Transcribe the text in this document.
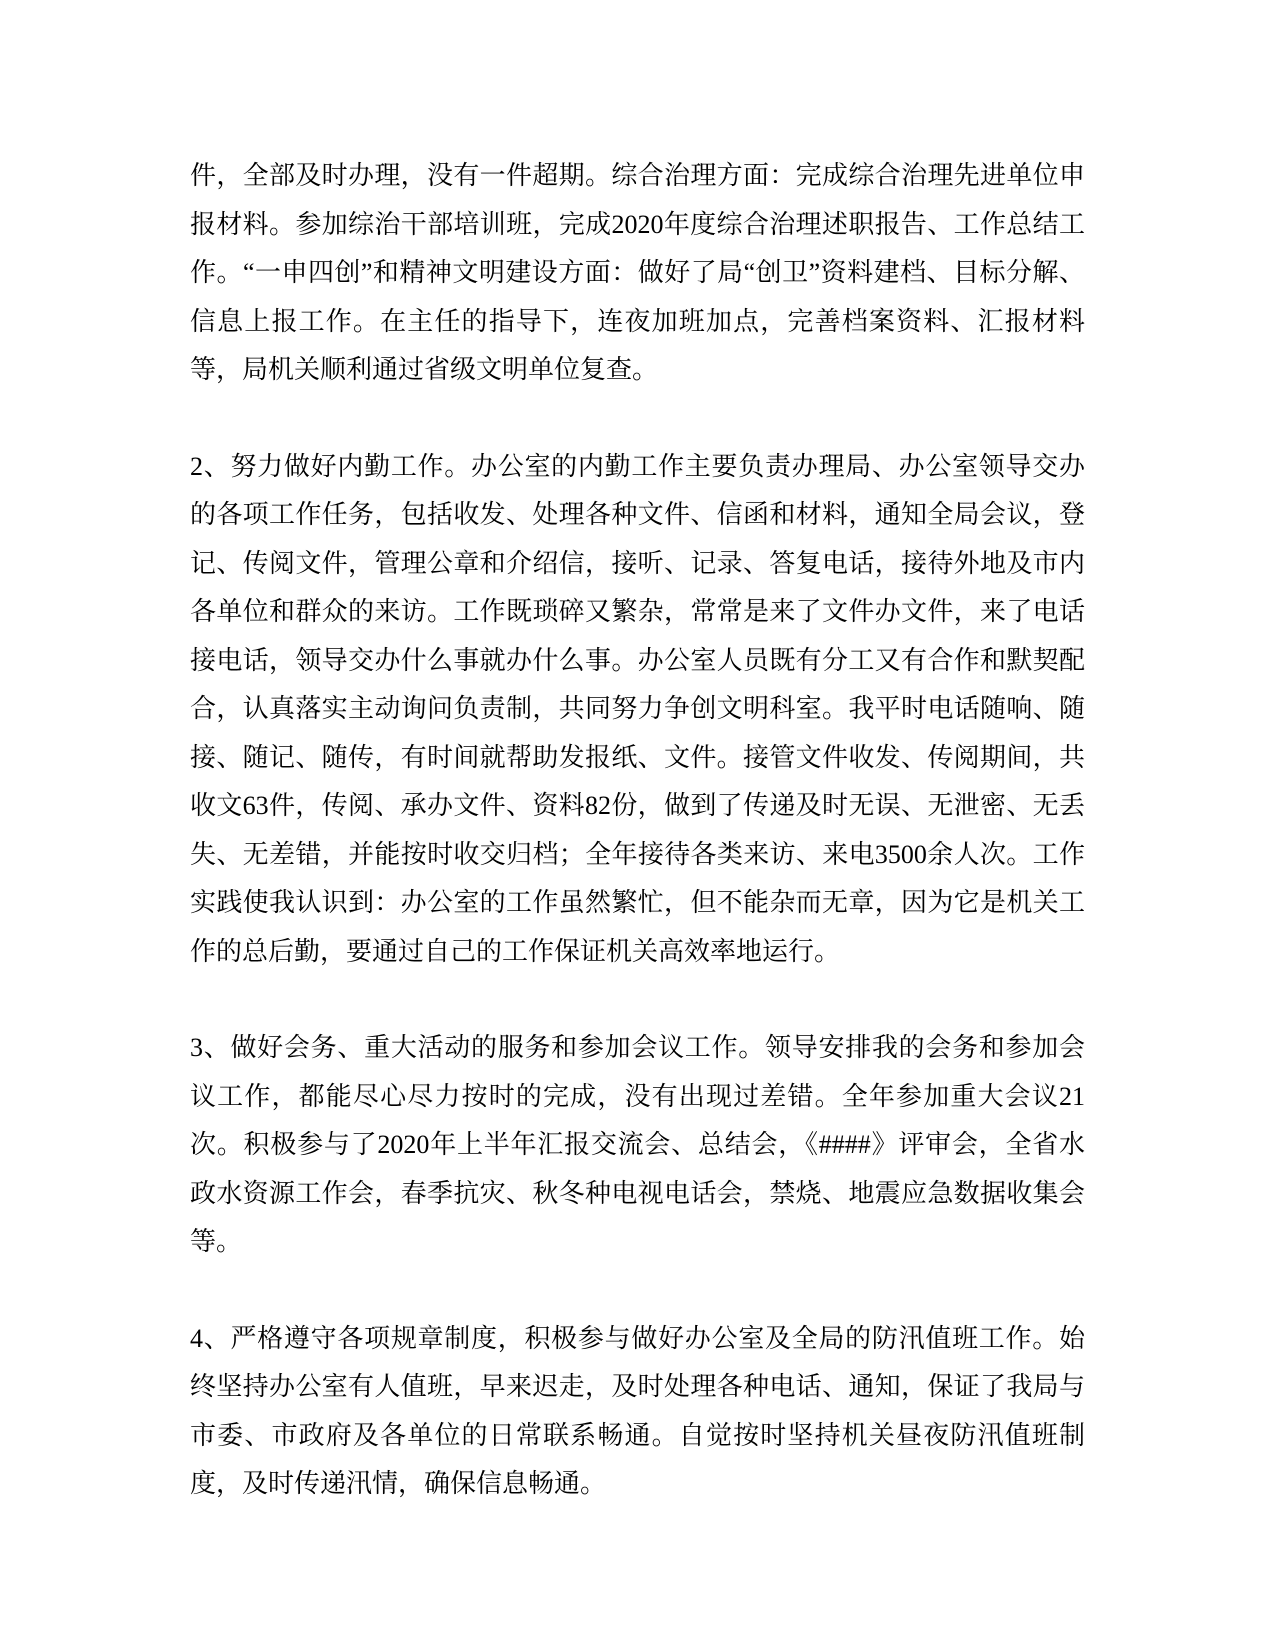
件，全部及时办理，没有一件超期。综合治理方面：完成综合治理先进单位申报材料。参加综治干部培训班，完成2020年度综合治理述职报告、工作总结工作。“一申四创”和精神文明建设方面：做好了局“创卫”资料建档、目标分解、信息上报工作。在主任的指导下，连夜加班加点，完善档案资料、汇报材料等，局机关顺利通过省级文明单位复查。

2、努力做好内勤工作。办公室的内勤工作主要负责办理局、办公室领导交办的各项工作任务，包括收发、处理各种文件、信函和材料，通知全局会议，登记、传阅文件，管理公章和介绍信，接听、记录、答复电话，接待外地及市内各单位和群众的来访。工作既琐碎又繁杂，常常是来了文件办文件，来了电话接电话，领导交办什么事就办什么事。办公室人员既有分工又有合作和默契配合，认真落实主动询问负责制，共同努力争创文明科室。我平时电话随响、随接、随记、随传，有时间就帮助发报纸、文件。接管文件收发、传阅期间，共收文63件，传阅、承办文件、资料82份，做到了传递及时无误、无泄密、无丢失、无差错，并能按时收交归档；全年接待各类来访、来电3500余人次。工作实践使我认识到：办公室的工作虽然繁忙，但不能杂而无章，因为它是机关工作的总后勤，要通过自己的工作保证机关高效率地运行。

3、做好会务、重大活动的服务和参加会议工作。领导安排我的会务和参加会议工作，都能尽心尽力按时的完成，没有出现过差错。全年参加重大会议21次。积极参与了2020年上半年汇报交流会、总结会，《####》评审会，全省水政水资源工作会，春季抗灾、秋冬种电视电话会，禁烧、地震应急数据收集会等。

4、严格遵守各项规章制度，积极参与做好办公室及全局的防汛值班工作。始终坚持办公室有人值班，早来迟走，及时处理各种电话、通知，保证了我局与市委、市政府及各单位的日常联系畅通。自觉按时坚持机关昼夜防汛值班制度，及时传递汛情，确保信息畅通。
